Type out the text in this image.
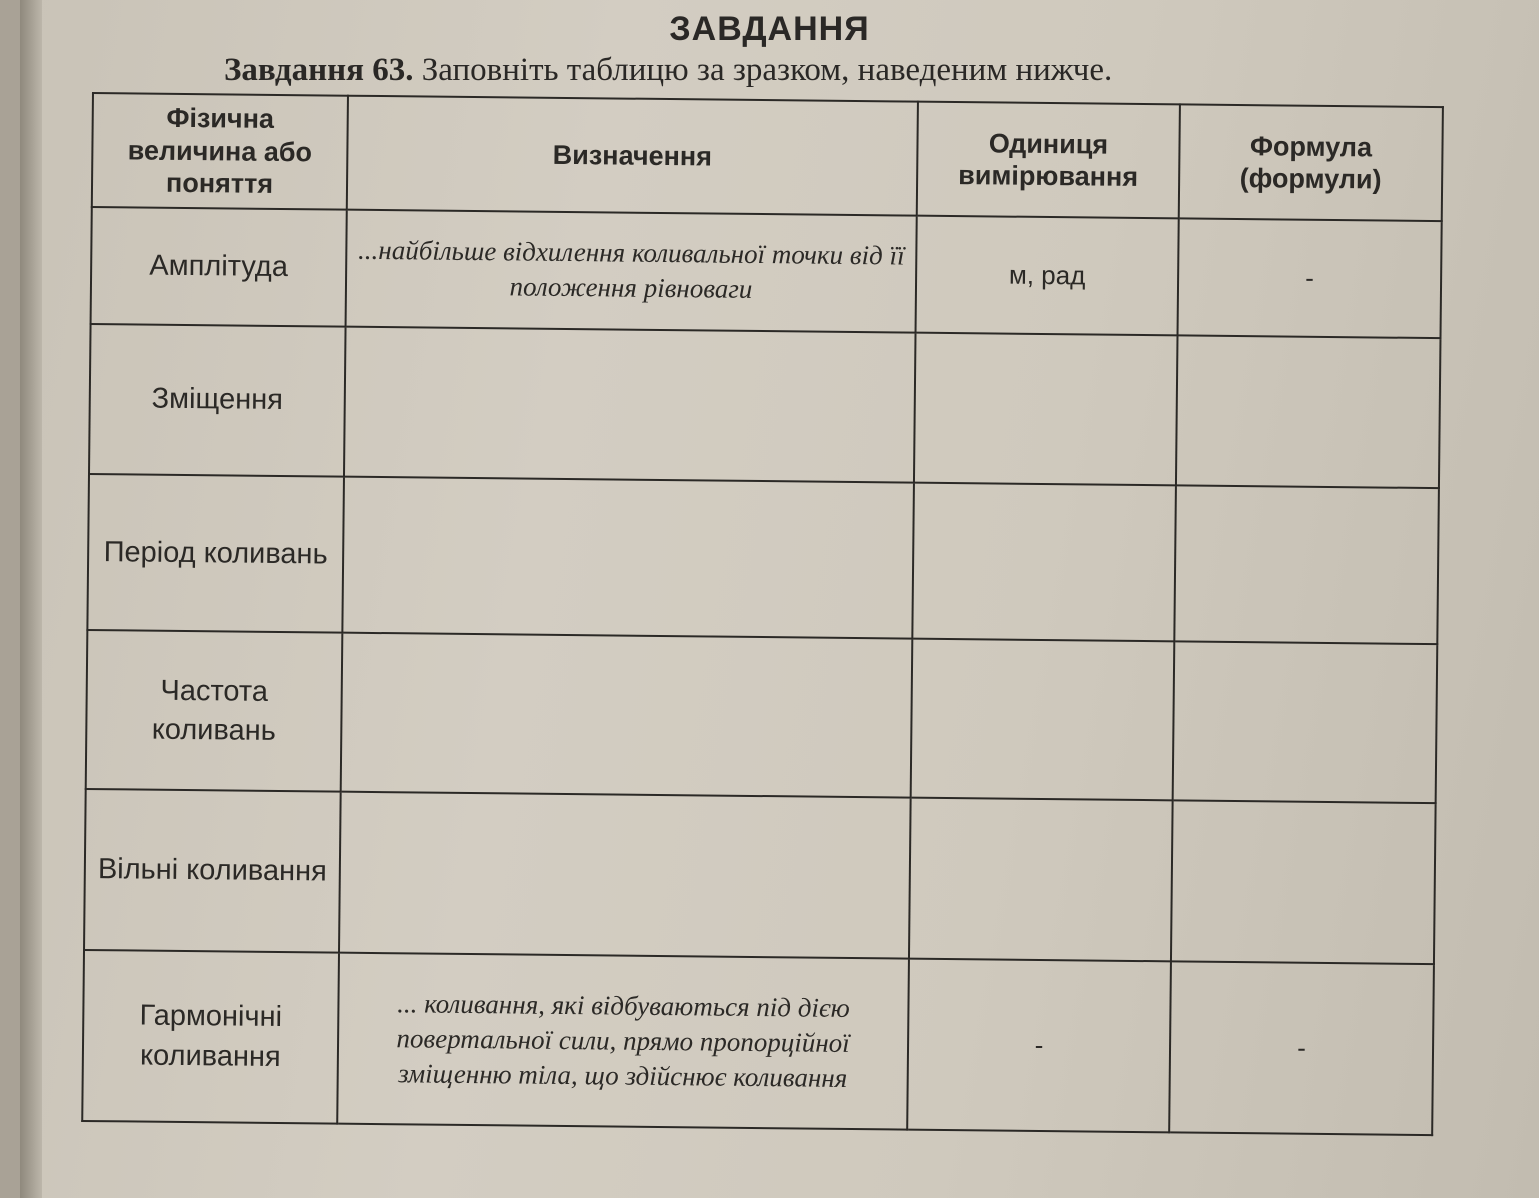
ЗАВДАННЯ
Завдання 63. Заповніть таблицю за зразком, наведеним нижче.
Фізична величина або поняття	Визначення	Одиниця вимірювання	Формула (формули)
Амплітуда	...найбільше відхилення коливальної точки від її положення рівноваги	м, рад	-
Зміщення			
Період коливань			
Частота коливань			
Вільні коливання			
Гармонічні коливання	... коливання, які відбуваються під дією повертальної сили, прямо пропорційної зміщенню тіла, що здійснює коливання	-	-
